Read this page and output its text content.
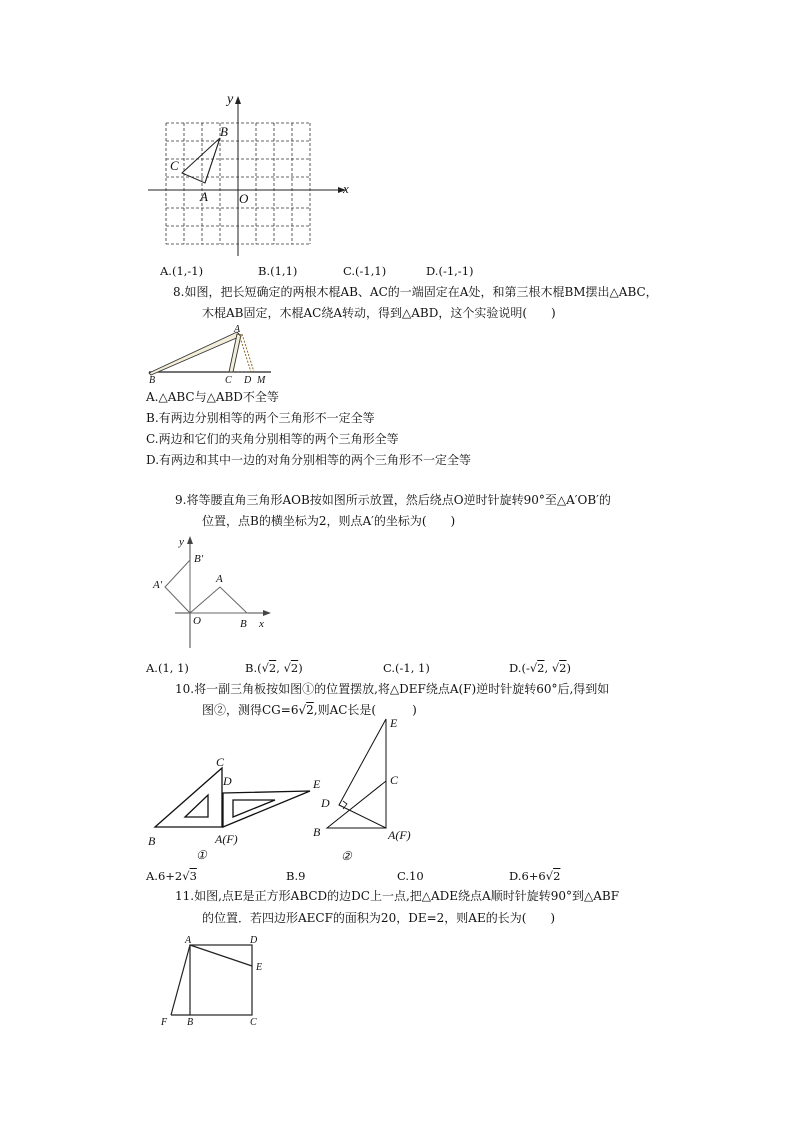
y
x
B
C
A O
A.(1,-1)	B.(1,1)	C.(-1,1)	D.(-1,-1)
8.如图，把长短确定的两根木棍AB、AC的一端固定在A处，和第三根木棍BM摆出△ABC，
木棍AB固定，木棍AC绕A转动，得到△ABD，这个实验说明(　　)
A
B	C D M
A.△ABC与△ABD不全等
B.有两边分别相等的两个三角形不一定全等
C.两边和它们的夹角分别相等的两个三角形全等
D.有两边和其中一边的对角分别相等的两个三角形不一定全等
9.将等腰直角三角形AOB按如图所示放置，然后绕点O逆时针旋转90°至△A′OB′的
位置，点B的横坐标为2，则点A′的坐标为(　　)
y
x
B′
A′	A
O	B
A.(1, 1)	B.(√2, √2)	C.(-1, 1)	D.(-√2, √2)
10.将一副三角板按如图①的位置摆放,将△DEF绕点A(F)逆时针旋转60°后,得到如
图②，测得CG=6√2,则AC长是(　　　)
C
D	E
B	A(F)
①
E
C
D
B	A(F)
②
A.6+2√3	B.9	C.10	D.6+6√2
11.如图,点E是正方形ABCD的边DC上一点,把△ADE绕点A顺时针旋转90°到△ABF
的位置．若四边形AECF的面积为20，DE=2，则AE的长为(　　)
A	D
E
F B	C
